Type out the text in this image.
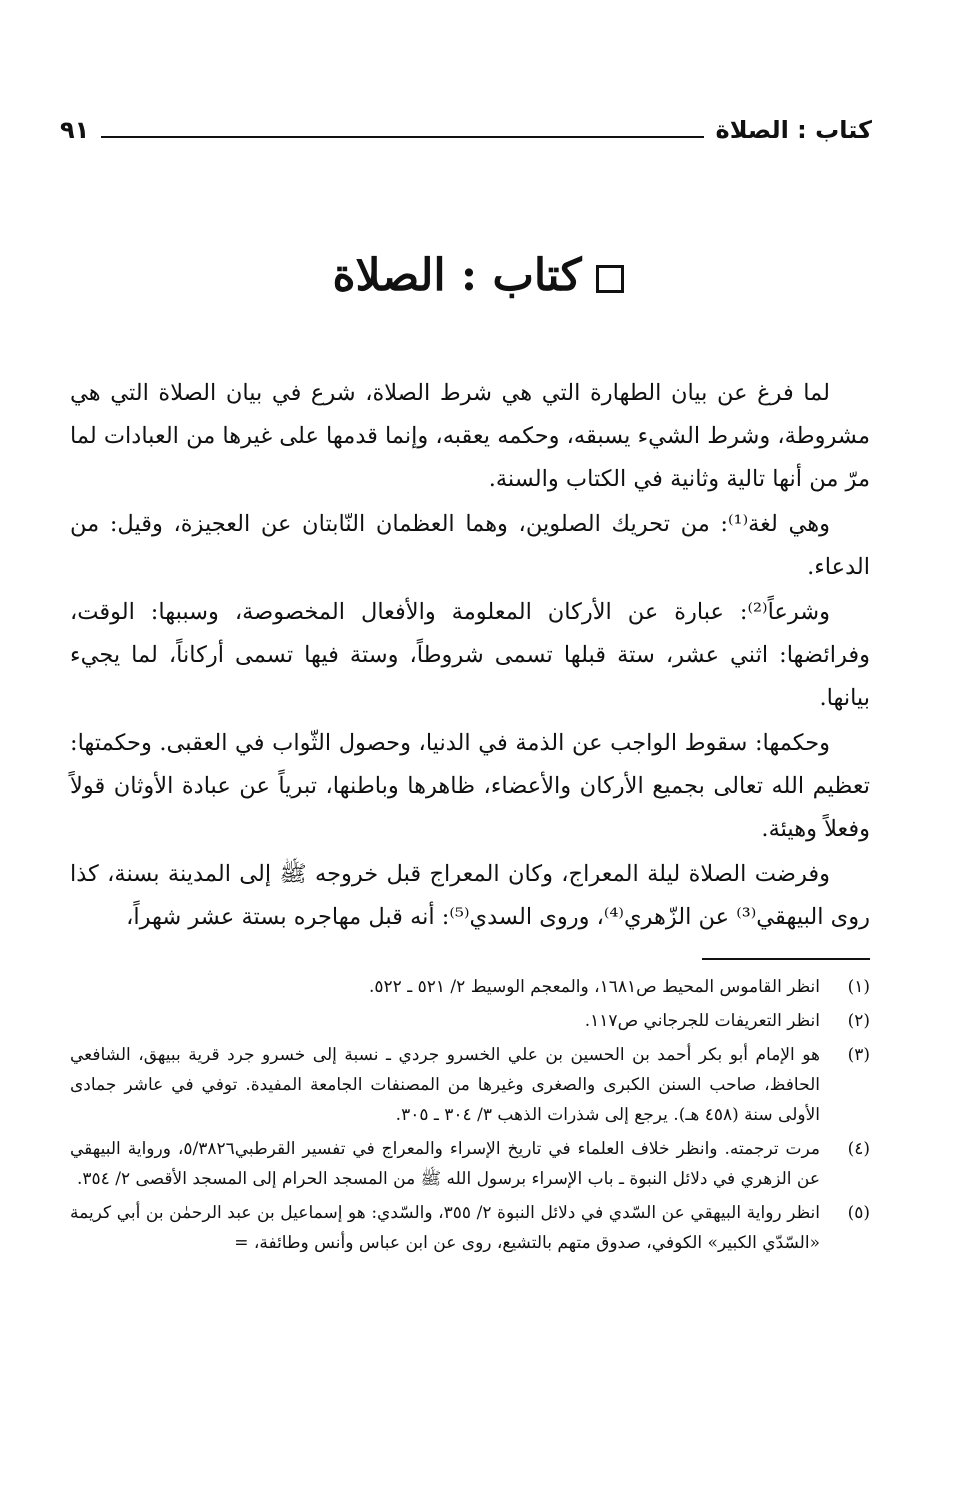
كتاب : الصلاة
٩١
كتاب : الصلاة

لما فرغ عن بيان الطهارة التي هي شرط الصلاة، شرع في بيان الصلاة التي هي مشروطة، وشرط الشيء يسبقه، وحكمه يعقبه، وإنما قدمها على غيرها من العبادات لما مرّ من أنها تالية وثانية في الكتاب والسنة.

وهي لغة⁽¹⁾: من تحريك الصلوين، وهما العظمان النّابتان عن العجيزة، وقيل: من الدعاء.

وشرعاً⁽²⁾: عبارة عن الأركان المعلومة والأفعال المخصوصة، وسببها: الوقت، وفرائضها: اثني عشر، ستة قبلها تسمى شروطاً، وستة فيها تسمى أركاناً، لما يجيء بيانها.

وحكمها: سقوط الواجب عن الذمة في الدنيا، وحصول الثّواب في العقبى. وحكمتها: تعظيم الله تعالى بجميع الأركان والأعضاء، ظاهرها وباطنها، تبرياً عن عبادة الأوثان قولاً وفعلاً وهيئة.

وفرضت الصلاة ليلة المعراج، وكان المعراج قبل خروجه ﷺ إلى المدينة بسنة، كذا روى البيهقي⁽³⁾ عن الزّهري⁽⁴⁾، وروى السدي⁽⁵⁾: أنه قبل مهاجره بستة عشر شهراً،

(١)
انظر القاموس المحيط ص١٦٨١، والمعجم الوسيط ٢/ ٥٢١ ـ ٥٢٢.
(٢)
انظر التعريفات للجرجاني ص١١٧.
(٣)
هو الإمام أبو بكر أحمد بن الحسين بن علي الخسرو جردي ـ نسبة إلى خسرو جرد قرية ببيهق، الشافعي الحافظ، صاحب السنن الكبرى والصغرى وغيرها من المصنفات الجامعة المفيدة. توفي في عاشر جمادى الأولى سنة (٤٥٨ هـ). يرجع إلى شذرات الذهب ٣/ ٣٠٤ ـ ٣٠٥.
(٤)
مرت ترجمته. وانظر خلاف العلماء في تاريخ الإسراء والمعراج في تفسير القرطبي٥/٣٨٢٦، ورواية البيهقي عن الزهري في دلائل النبوة ـ باب الإسراء برسول الله ﷺ من المسجد الحرام إلى المسجد الأقصى ٢/ ٣٥٤.
(٥)
انظر رواية البيهقي عن السّدي في دلائل النبوة ٢/ ٣٥٥، والسّدي: هو إسماعيل بن عبد الرحمٰن بن أبي كريمة «السّدّي الكبير» الكوفي، صدوق متهم بالتشيع، روى عن ابن عباس وأنس وطائفة، =
